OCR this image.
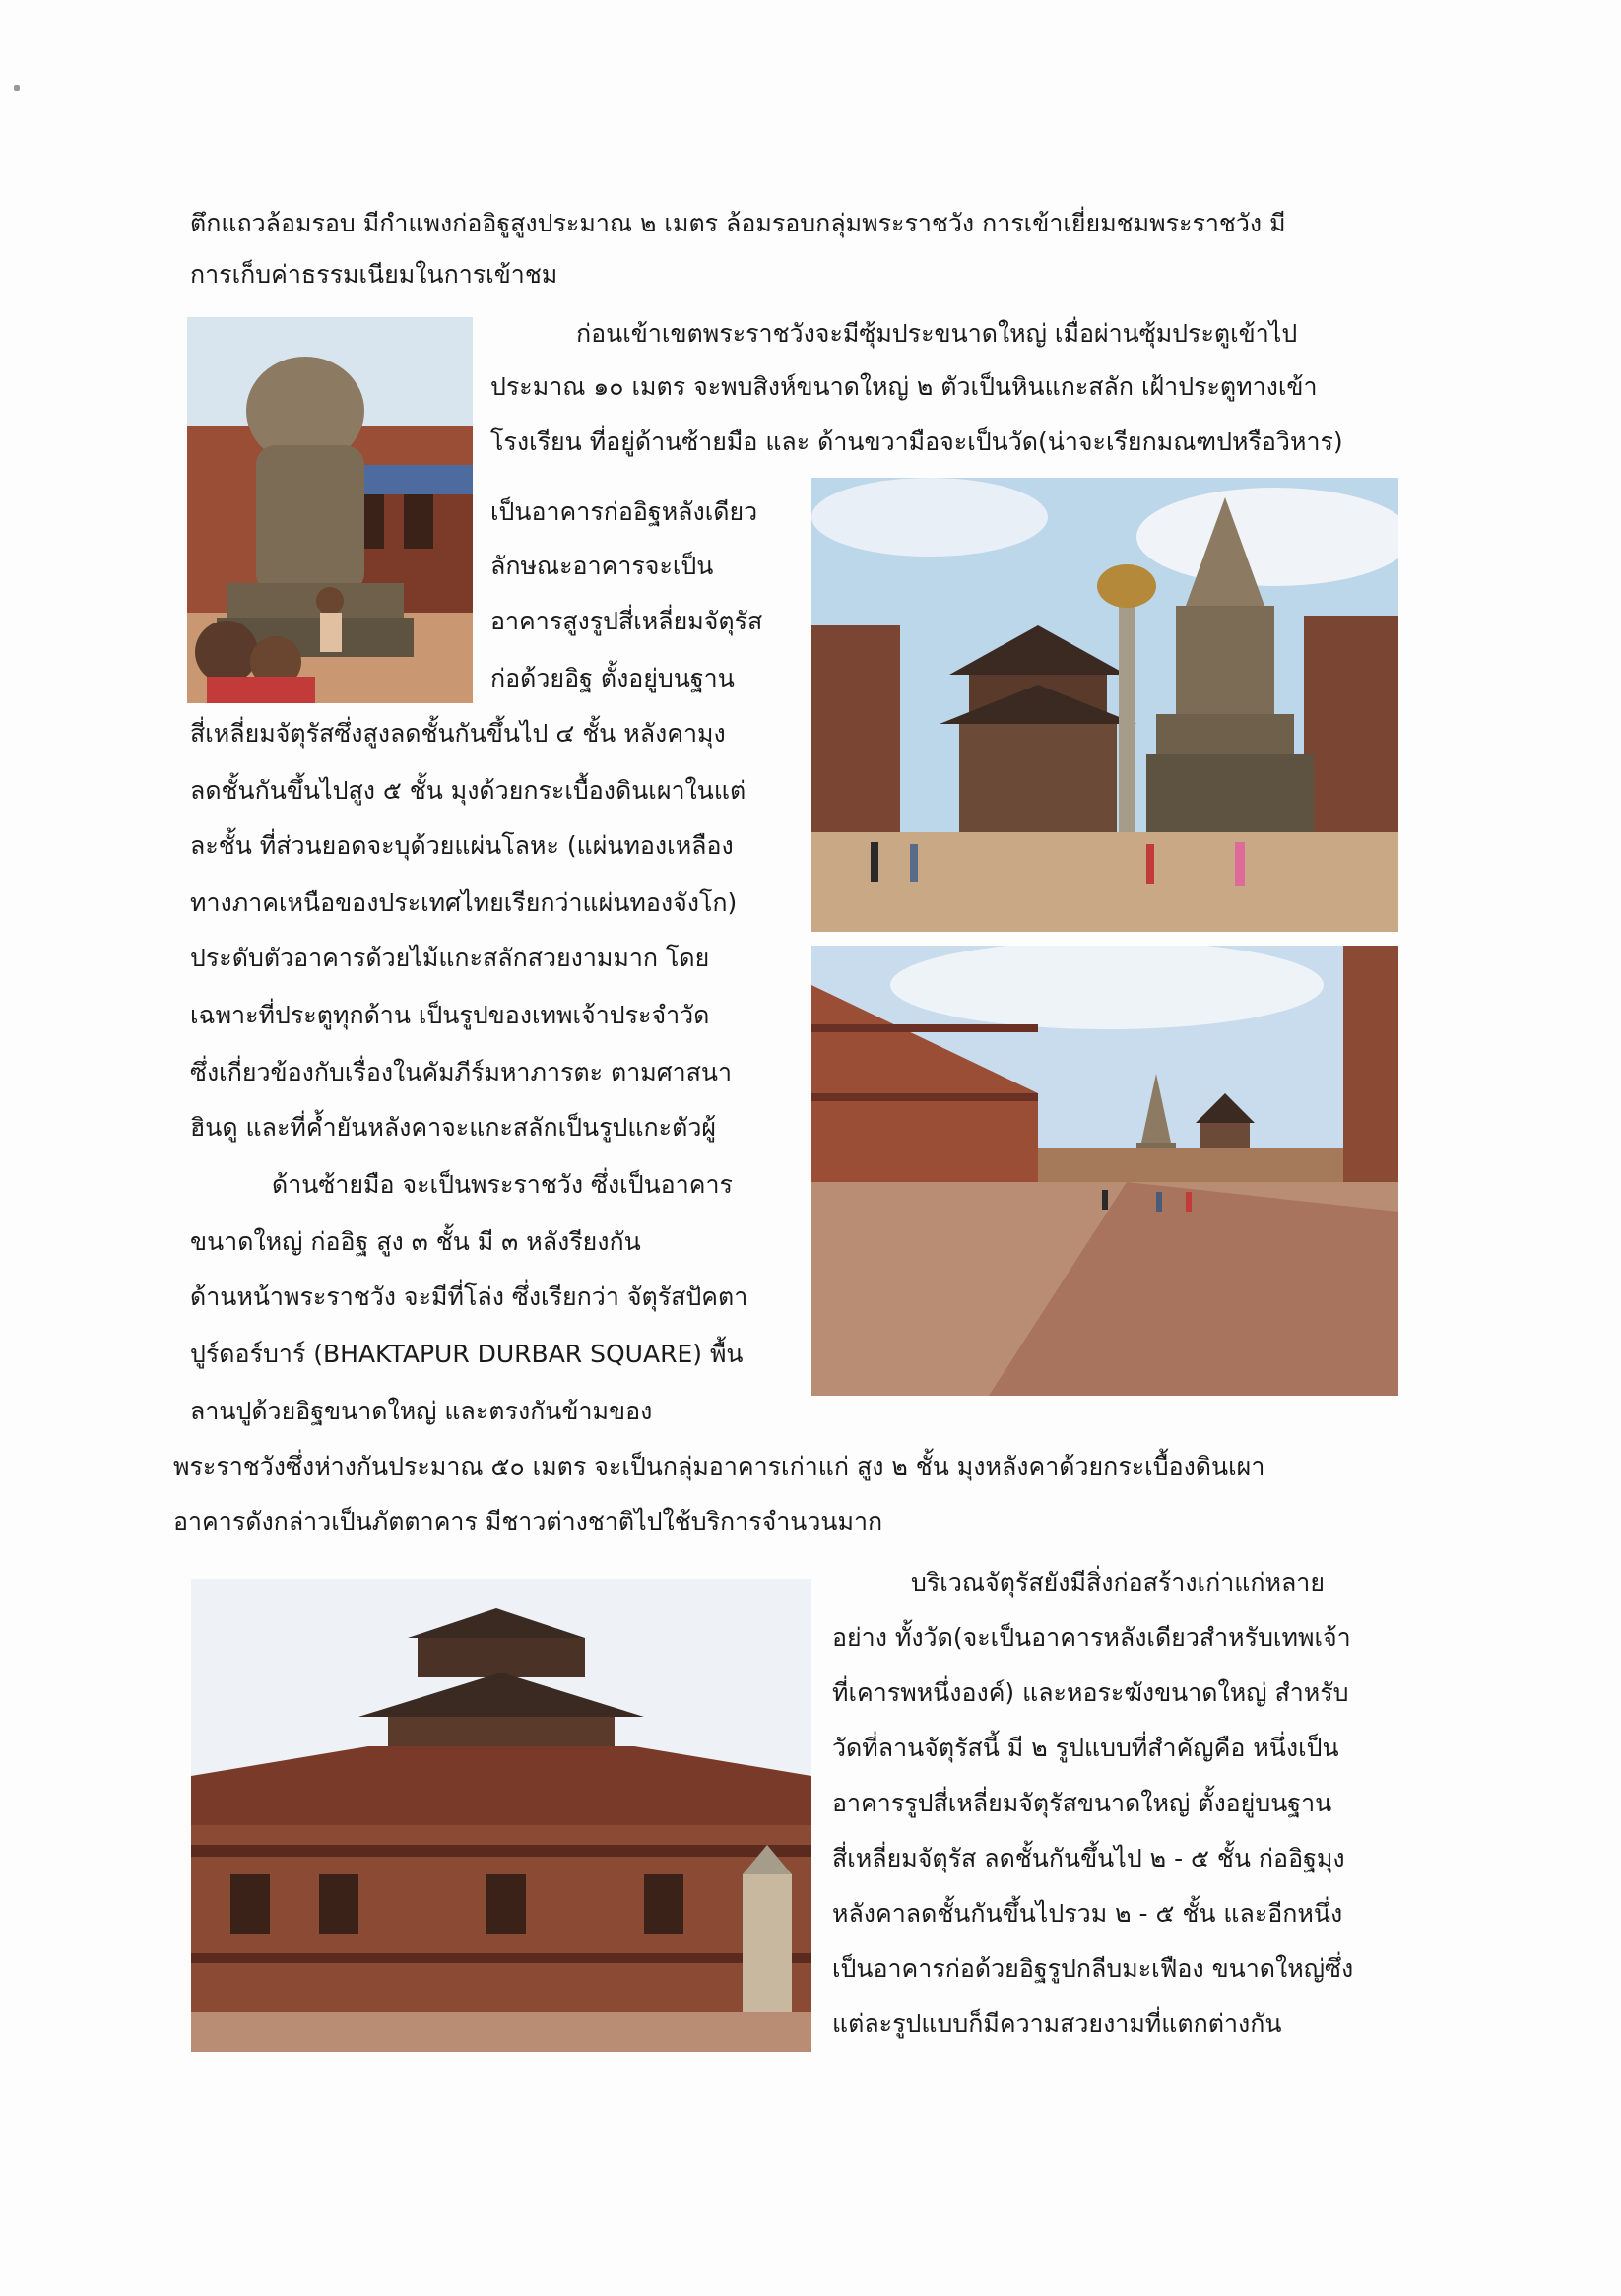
ตึกแถวล้อมรอบ มีกำแพงก่ออิฐูสูงประมาณ ๒ เมตร ล้อมรอบกลุ่มพระราชวัง การเข้าเยี่ยมชมพระราชวัง มี
การเก็บค่าธรรมเนียมในการเข้าชม
ก่อนเข้าเขตพระราชวังจะมีซุ้มประขนาดใหญ่ เมื่อผ่านซุ้มประตูเข้าไป
ประมาณ ๑๐ เมตร จะพบสิงห์ขนาดใหญ่ ๒ ตัวเป็นหินแกะสลัก เฝ้าประตูทางเข้า
โรงเรียน ที่อยู่ด้านซ้ายมือ และ ด้านขวามือจะเป็นวัด(น่าจะเรียกมณฑปหรือวิหาร)
เป็นอาคารก่ออิฐหลังเดียว
ลักษณะอาคารจะเป็น
อาคารสูงรูปสี่เหลี่ยมจัตุรัส
ก่อด้วยอิฐ ตั้งอยู่บนฐาน
สี่เหลี่ยมจัตุรัสซึ่งสูงลดชั้นกันขึ้นไป ๔ ชั้น หลังคามุง
ลดชั้นกันขึ้นไปสูง ๕ ชั้น มุงด้วยกระเบื้องดินเผาในแต่
ละชั้น ที่ส่วนยอดจะบุด้วยแผ่นโลหะ (แผ่นทองเหลือง
ทางภาคเหนือของประเทศไทยเรียกว่าแผ่นทองจังโก)
ประดับตัวอาคารด้วยไม้แกะสลักสวยงามมาก โดย
เฉพาะที่ประตูทุกด้าน เป็นรูปของเทพเจ้าประจำวัด
ซึ่งเกี่ยวข้องกับเรื่องในคัมภีร์มหาภารตะ ตามศาสนา
ฮินดู และที่ค้ำยันหลังคาจะแกะสลักเป็นรูปแกะตัวผู้
ด้านซ้ายมือ จะเป็นพระราชวัง ซึ่งเป็นอาคาร
ขนาดใหญ่ ก่ออิฐ สูง ๓ ชั้น มี ๓ หลังรียงกัน
ด้านหน้าพระราชวัง จะมีที่โล่ง ซึ่งเรียกว่า จัตุรัสปัคตา
ปูร์ดอร์บาร์ (BHAKTAPUR DURBAR SQUARE) พื้น
ลานปูด้วยอิฐขนาดใหญ่ และตรงกันข้ามของ
พระราชวังซึ่งห่างกันประมาณ ๕๐ เมตร จะเป็นกลุ่มอาคารเก่าแก่ สูง ๒ ชั้น มุงหลังคาด้วยกระเบื้องดินเผา
อาคารดังกล่าวเป็นภัตตาคาร มีชาวต่างชาติไปใช้บริการจำนวนมาก
บริเวณจัตุรัสยังมีสิ่งก่อสร้างเก่าแก่หลาย
อย่าง ทั้งวัด(จะเป็นอาคารหลังเดียวสำหรับเทพเจ้า
ที่เคารพหนึ่งองค์) และหอระฆังขนาดใหญ่ สำหรับ
วัดที่ลานจัตุรัสนี้ มี ๒ รูปแบบที่สำคัญคือ หนึ่งเป็น
อาคารรูปสี่เหลี่ยมจัตุรัสขนาดใหญ่ ตั้งอยู่บนฐาน
สี่เหลี่ยมจัตุรัส ลดชั้นกันขึ้นไป ๒ - ๕ ชั้น ก่ออิฐมุง
หลังคาลดชั้นกันขึ้นไปรวม ๒ - ๕ ชั้น และอีกหนึ่ง
เป็นอาคารก่อด้วยอิฐรูปกลีบมะเฟือง ขนาดใหญ่ซึ่ง
แต่ละรูปแบบก็มีความสวยงามที่แตกต่างกัน
